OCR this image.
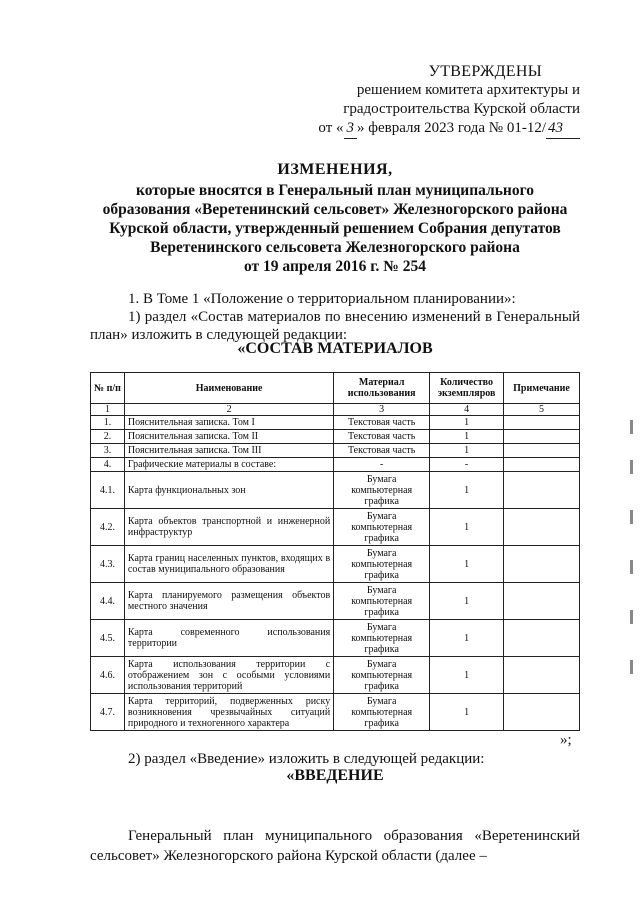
УТВЕРЖДЕНЫ
решением комитета архитектуры и
градостроительства Курской области
от « 3 » февраля 2023 года № 01-12/ 43
ИЗМЕНЕНИЯ,
которые вносятся в Генеральный план муниципального
образования «Веретенинский сельсовет» Железногорского района
Курской области, утвержденный решением Собрания депутатов
Веретенинского сельсовета Железногорского района
от 19 апреля 2016 г. № 254
1. В Томе 1 «Положение о территориальном планировании»:
1) раздел «Состав материалов по внесению изменений в Генеральный план» изложить в следующей редакции:
«СОСТАВ МАТЕРИАЛОВ
№ п/п	Наименование	Материал использования	Количество экземпляров	Примечание
1	2	3	4	5
1.	Пояснительная записка. Том I	Текстовая часть	1	
2.	Пояснительная записка. Том II	Текстовая часть	1	
3.	Пояснительная записка. Том III	Текстовая часть	1	
4.	Графические материалы в составе:	-	-	
4.1.	Карта функциональных зон	Бумага компьютерная графика	1	
4.2.	Карта объектов транспортной и инженерной инфраструктур	Бумага компьютерная графика	1	
4.3.	Карта границ населенных пунктов, входящих в состав муниципального образования	Бумага компьютерная графика	1	
4.4.	Карта планируемого размещения объектов местного значения	Бумага компьютерная графика	1	
4.5.	Карта современного использования территории	Бумага компьютерная графика	1	
4.6.	Карта использования территории с отображением зон с особыми условиями использования территорий	Бумага компьютерная графика	1	
4.7.	Карта территорий, подверженных риску возникновения чрезвычайных ситуаций природного и техногенного характера	Бумага компьютерная графика	1	
»;
2) раздел «Введение» изложить в следующей редакции:
«ВВЕДЕНИЕ
Генеральный план муниципального образования «Веретенинский сельсовет» Железногорского района Курской области (далее –
